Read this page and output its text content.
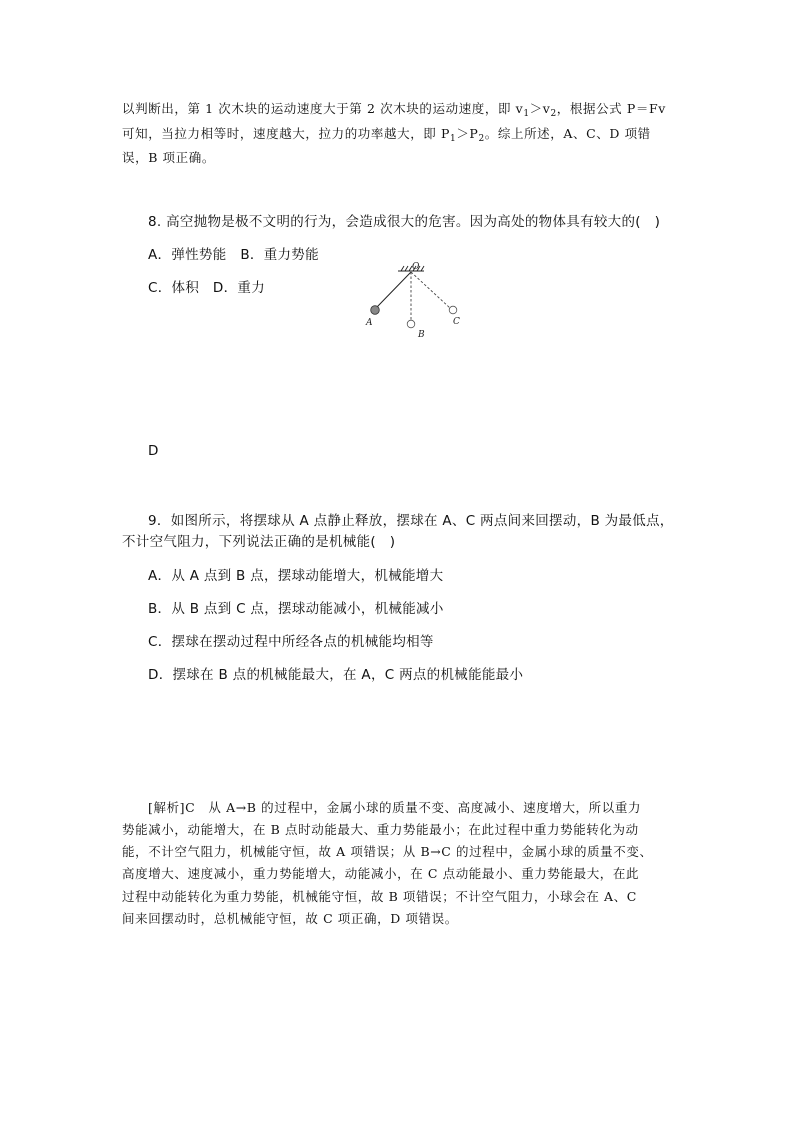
以判断出，第 1 次木块的运动速度大于第 2 次木块的运动速度，即 $v_1>v_2$，根据公式 P＝Fv
可知，当拉力相等时，速度越大，拉力的功率越大，即 $P_1>P_2$。综上所述，A、C、D 项错
误，B 项正确。
8. 高空抛物是极不文明的行为，会造成很大的危害。因为高处的物体具有较大的(　)
A．弹性势能　B．重力势能
C．体积　D．重力
O
A
B
C
D
9．如图所示，将摆球从 A 点静止释放，摆球在 A、C 两点间来回摆动，B 为最低点，
不计空气阻力，下列说法正确的是机械能(　)
A．从 A 点到 B 点，摆球动能增大，机械能增大
B．从 B 点到 C 点，摆球动能减小，机械能减小
C．摆球在摆动过程中所经各点的机械能均相等
D．摆球在 B 点的机械能最大，在 A，C 两点的机械能能最小
[解析]C　从 A→B 的过程中，金属小球的质量不变、高度减小、速度增大，所以重力
势能减小，动能增大，在 B 点时动能最大、重力势能最小；在此过程中重力势能转化为动
能，不计空气阻力，机械能守恒，故 A 项错误；从 B→C 的过程中，金属小球的质量不变、
高度增大、速度减小，重力势能增大，动能减小，在 C 点动能最小、重力势能最大，在此
过程中动能转化为重力势能，机械能守恒，故 B 项错误；不计空气阻力，小球会在 A、C
间来回摆动时，总机械能守恒，故 C 项正确，D 项错误。
